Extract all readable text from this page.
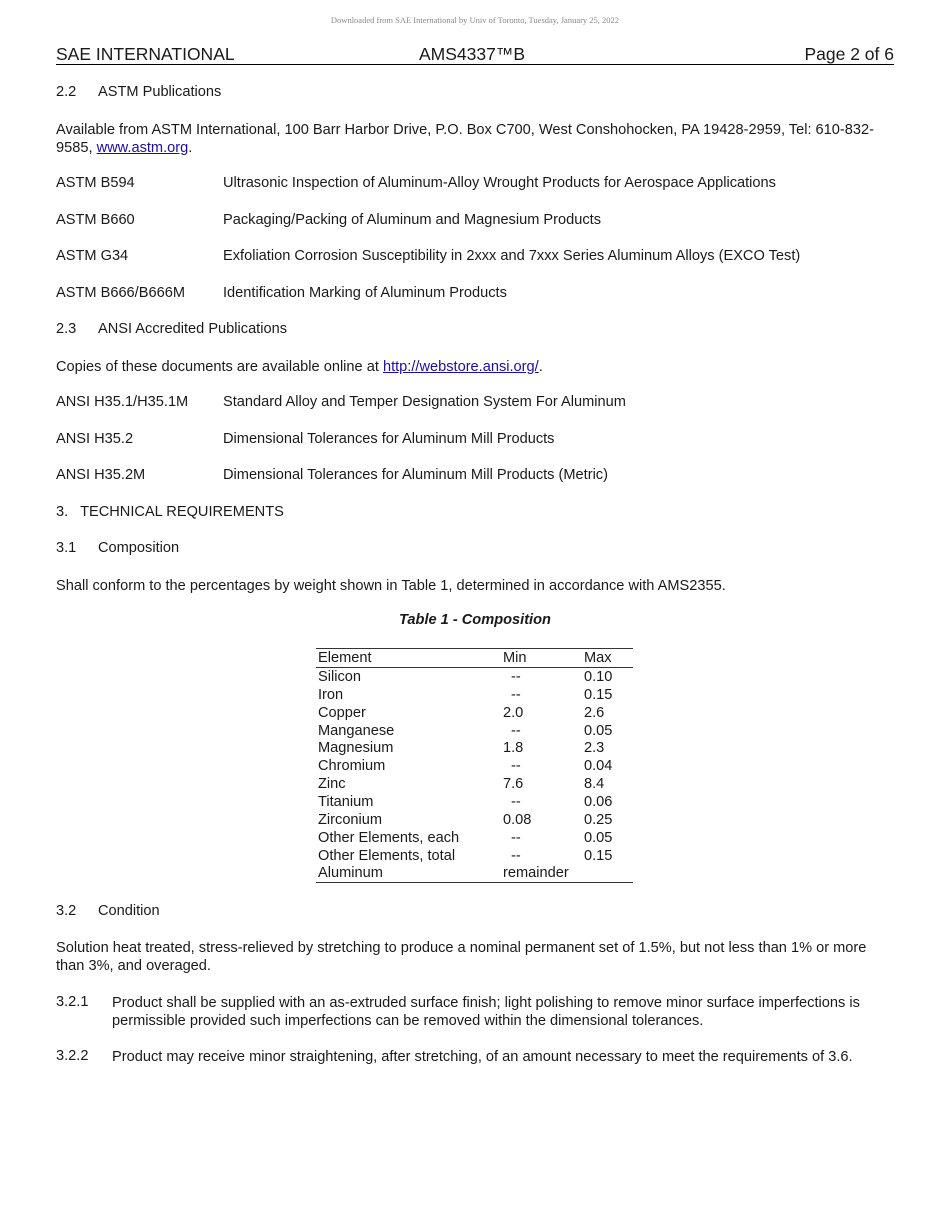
Downloaded from SAE International by Univ of Toronto, Tuesday, January 25, 2022
SAE INTERNATIONAL	AMS4337™B	Page 2 of 6
2.2 ASTM Publications
Available from ASTM International, 100 Barr Harbor Drive, P.O. Box C700, West Conshohocken, PA 19428-2959, Tel: 610-832-9585, www.astm.org.
ASTM B594	Ultrasonic Inspection of Aluminum-Alloy Wrought Products for Aerospace Applications
ASTM B660	Packaging/Packing of Aluminum and Magnesium Products
ASTM G34	Exfoliation Corrosion Susceptibility in 2xxx and 7xxx Series Aluminum Alloys (EXCO Test)
ASTM B666/B666M	Identification Marking of Aluminum Products
2.3 ANSI Accredited Publications
Copies of these documents are available online at http://webstore.ansi.org/.
ANSI H35.1/H35.1M Standard Alloy and Temper Designation System For Aluminum
ANSI H35.2	Dimensional Tolerances for Aluminum Mill Products
ANSI H35.2M	Dimensional Tolerances for Aluminum Mill Products (Metric)
3.   TECHNICAL REQUIREMENTS
3.1 Composition
Shall conform to the percentages by weight shown in Table 1, determined in accordance with AMS2355.
Table 1 - Composition
Element	Min	Max
Silicon	--	0.10
Iron	--	0.15
Copper	2.0	2.6
Manganese	--	0.05
Magnesium	1.8	2.3
Chromium	--	0.04
Zinc	7.6	8.4
Titanium	--	0.06
Zirconium	0.08	0.25
Other Elements, each	--	0.05
Other Elements, total	--	0.15
Aluminum	remainder
3.2 Condition
Solution heat treated, stress-relieved by stretching to produce a nominal permanent set of 1.5%, but not less than 1% or more than 3%, and overaged.
3.2.1 Product shall be supplied with an as-extruded surface finish; light polishing to remove minor surface imperfections is permissible provided such imperfections can be removed within the dimensional tolerances.
3.2.2 Product may receive minor straightening, after stretching, of an amount necessary to meet the requirements of 3.6.
